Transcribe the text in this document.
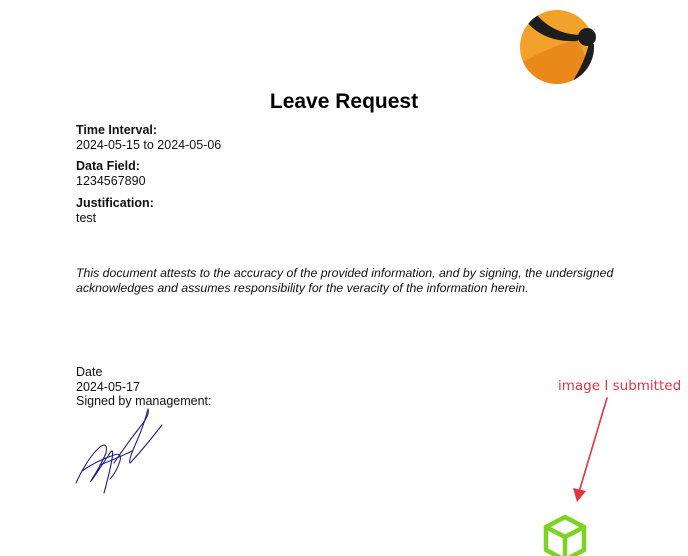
Leave Request
Time Interval:
2024-05-15 to 2024-05-06
Data Field:
1234567890
Justification:
test

This document attests to the accuracy of the provided information, and by signing, the undersigned acknowledges and assumes responsibility for the veracity of the information herein.

Date
2024-05-17
Signed by management:
image I submitted
